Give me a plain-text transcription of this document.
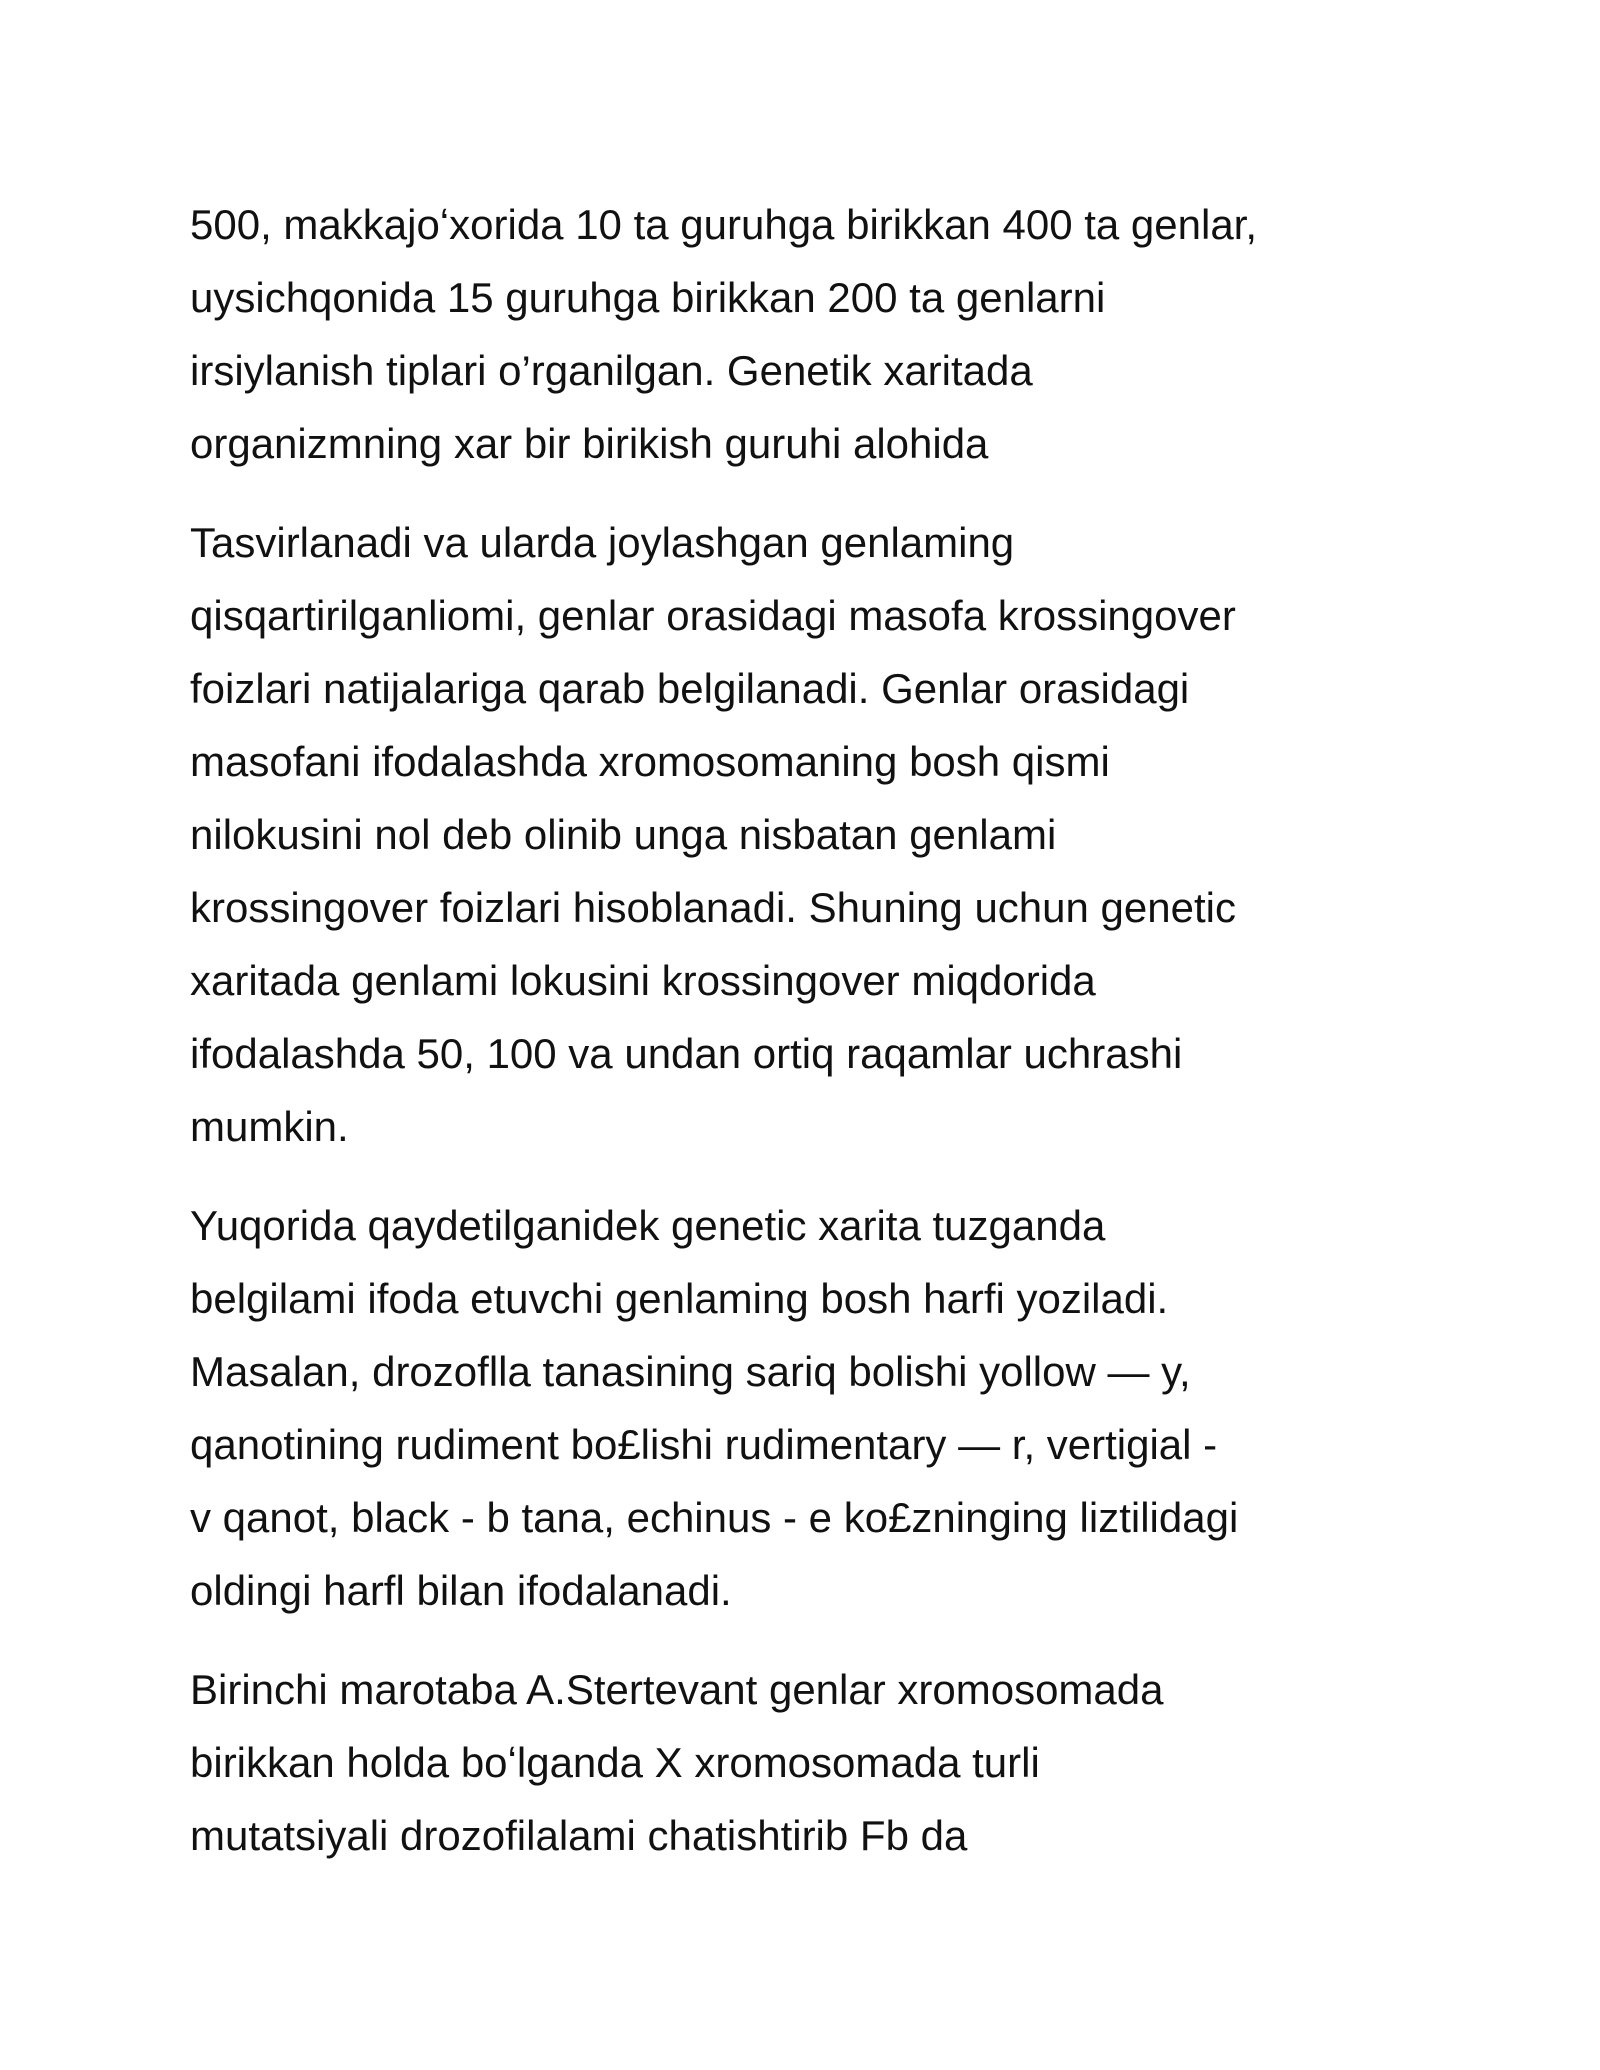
500, makkajoʻxorida 10 ta guruhga birikkan 400 ta genlar,
uysichqonida 15 guruhga birikkan 200 ta genlarni
irsiylanish tiplari o’rganilgan. Genetik xaritada
organizmning xar bir birikish guruhi alohida

Tasvirlanadi va ularda joylashgan genlaming
qisqartirilganliomi, genlar orasidagi masofa krossingover
foizlari natijalariga qarab belgilanadi. Genlar orasidagi
masofani ifodalashda xromosomaning bosh qismi
nilokusini nol deb olinib unga nisbatan genlami
krossingover foizlari hisoblanadi. Shuning uchun genetic
xaritada genlami lokusini krossingover miqdorida
ifodalashda 50, 100 va undan ortiq raqamlar uchrashi
mumkin.

Yuqorida qaydetilganidek genetic xarita tuzganda
belgilami ifoda etuvchi genlaming bosh harfi yoziladi.
Masalan, drozoflla tanasining sariq bolishi yollow — y,
qanotining rudiment bo£lishi rudimentary — r, vertigial -
v qanot, black - b tana, echinus - e ko£zninging liztilidagi
oldingi harfl bilan ifodalanadi.

Birinchi marotaba A.Stertevant genlar xromosomada
birikkan holda boʻlganda X xromosomada turli
mutatsiyali drozofilalami chatishtirib Fb da
